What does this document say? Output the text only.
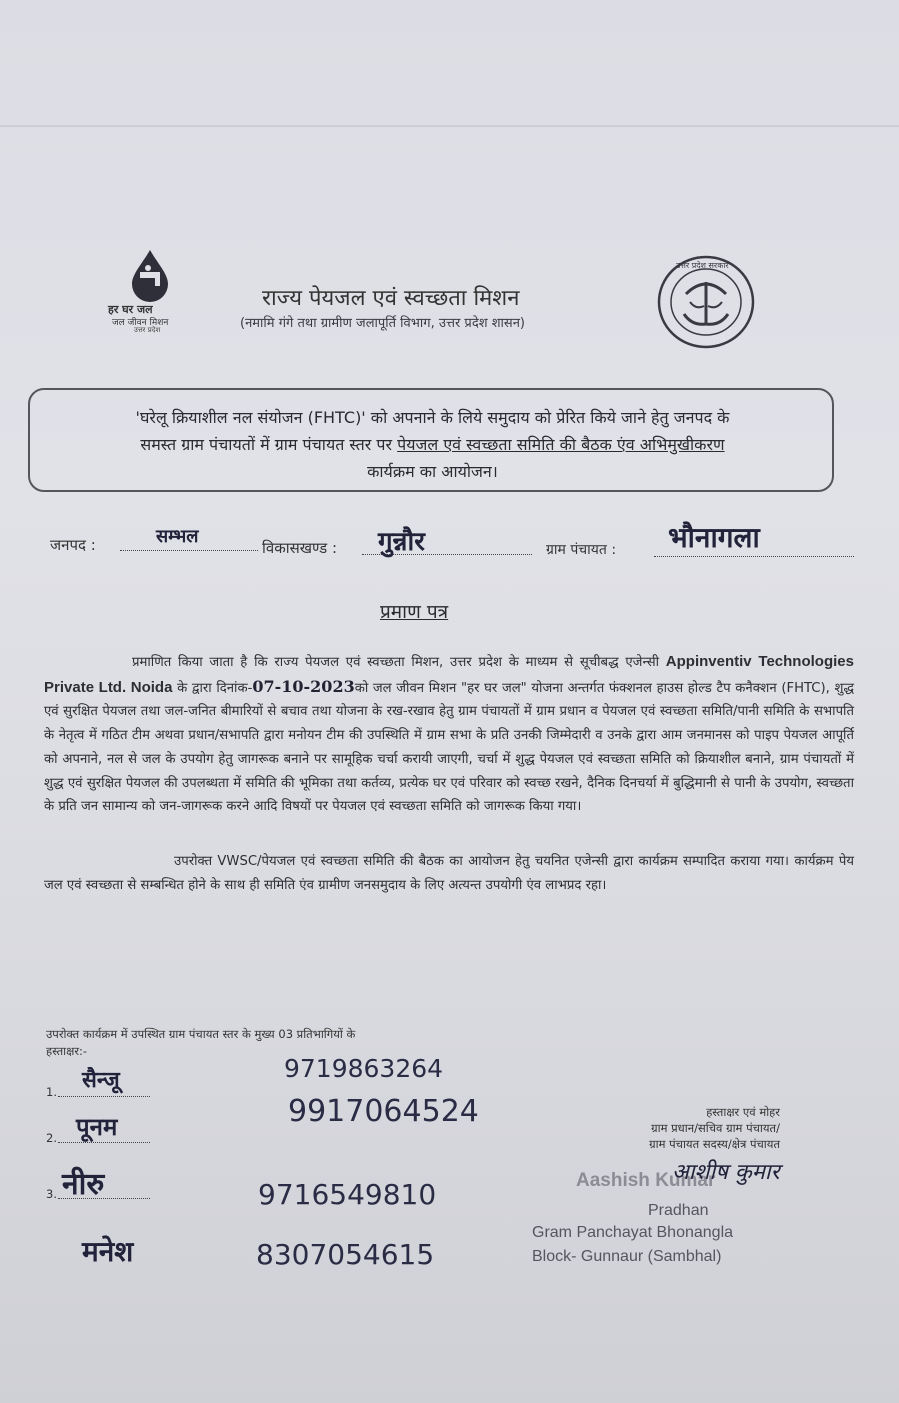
हर घर जल
जल जीवन मिशन
उत्तर प्रदेश
राज्य पेयजल एवं स्वच्छता मिशन
(नमामि गंगे तथा ग्रामीण जलापूर्ति विभाग, उत्तर प्रदेश शासन)
उत्तर प्रदेश सरकार
'घरेलू क्रियाशील नल संयोजन (FHTC)' को अपनाने के लिये समुदाय को प्रेरित किये जाने हेतु जनपद के
समस्त ग्राम पंचायतों में ग्राम पंचायत स्तर पर पेयजल एवं स्वच्छता समिति की बैठक एंव अभिमुखीकरण
कार्यक्रम का आयोजन।
जनपद :	सम्भल
विकासखण्ड : गुन्नौर	ग्राम पंचायत : भौनागला
प्रमाण पत्र
प्रमाणित किया जाता है कि राज्य पेयजल एवं स्वच्छता मिशन, उत्तर प्रदेश के माध्यम से सूचीबद्ध एजेन्सी Appinventiv Technologies Private Ltd. Noida के द्वारा दिनांक-07-10-2023को जल जीवन मिशन "हर घर जल" योजना अन्तर्गत फंक्शनल हाउस होल्ड टैप कनैक्शन (FHTC), शुद्ध एवं सुरक्षित पेयजल तथा जल-जनित बीमारियों से बचाव तथा योजना के रख-रखाव हेतु ग्राम पंचायतों में ग्राम प्रधान व पेयजल एवं स्वच्छता समिति/पानी समिति के सभापति के नेतृत्व में गठित टीम अथवा प्रधान/सभापति द्वारा मनोयन टीम की उपस्थिति में ग्राम सभा के प्रति उनकी जिम्मेदारी व उनके द्वारा आम जनमानस को पाइप पेयजल आपूर्ति को अपनाने, नल से जल के उपयोग हेतु जागरूक बनाने पर सामूहिक चर्चा करायी जाएगी, चर्चा में शुद्ध पेयजल एवं स्वच्छता समिति को क्रियाशील बनाने, ग्राम पंचायतों में शुद्ध एवं सुरक्षित पेयजल की उपलब्धता में समिति की भूमिका तथा कर्तव्य, प्रत्येक घर एवं परिवार को स्वच्छ रखने, दैनिक दिनचर्या में बुद्धिमानी से पानी के उपयोग, स्वच्छता के प्रति जन सामान्य को जन-जागरूक करने आदि विषयों पर पेयजल एवं स्वच्छता समिति को जागरूक किया गया।
उपरोक्त VWSC/पेयजल एवं स्वच्छता समिति की बैठक का आयोजन हेतु चयनित एजेन्सी द्वारा कार्यक्रम सम्पादित कराया गया। कार्यक्रम पेय जल एवं स्वच्छता से सम्बन्धित होने के साथ ही समिति एंव ग्रामीण जनसमुदाय के लिए अत्यन्त उपयोगी एंव लाभप्रद रहा।
उपरोक्त कार्यक्रम में उपस्थित ग्राम पंचायत स्तर के मुख्य 03 प्रतिभागियों के
हस्ताक्षर:-
1. सैन्जू	9719863264
2. पूनम	9917064524
3. नीरु	9716549810
मनेश	8307054615
हस्ताक्षर एवं मोहर
ग्राम प्रधान/सचिव ग्राम पंचायत/
ग्राम पंचायत सदस्य/क्षेत्र पंचायत
Aashish Kumar
आशीष कुमार
Pradhan
Gram Panchayat Bhonangla
Block- Gunnaur (Sambhal)
